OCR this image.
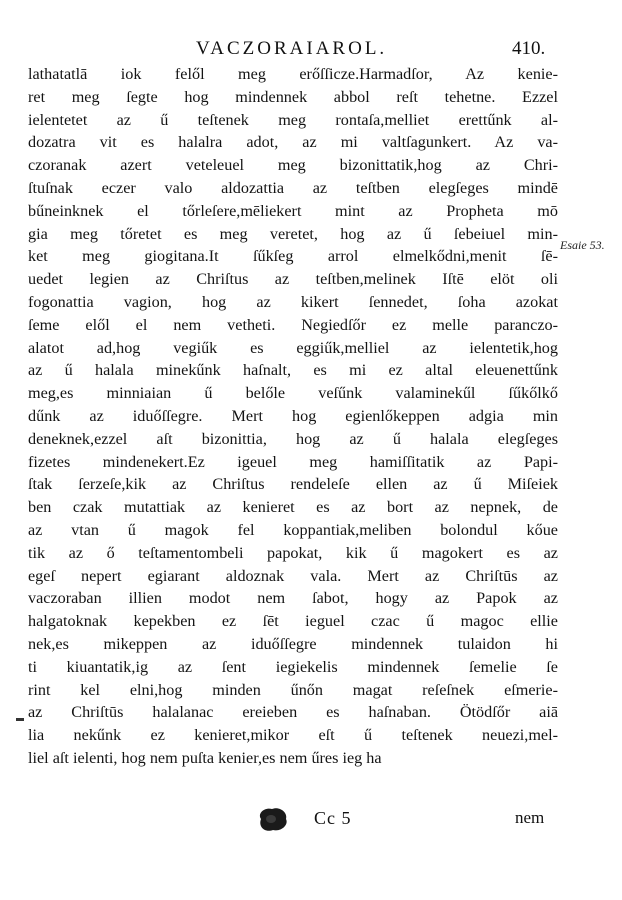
VACZORAIAROL.	410.
lathatatlā iok felől meg erőſſicze.Harmadſor, Az kenie-
ret meg ſegte hog mindennek abbol reſt tehetne. Ezzel
ielentetet az ű teſtenek meg rontaſa,melliet erettűnk al-
dozatra vit es halalra adot, az mi valtſagunkert. Az va-
czoranak azert veteleuel meg bizonittatik,hog az Chri-
ſtuſnak eczer valo aldozattia az teſtben elegſeges mindē
bűneinknek el tőrleſere,mēliekert mint az Propheta mō
gia meg tőretet es meg veretet, hog az ű ſebeiuel min-
ket meg giogitana.It ſűkſeg arrol elmelkődni,menit ſē-
uedet legien az Chriſtus az teſtben,melinek Iſtē elöt oli
fogonattia vagion, hog az kikert ſennedet, ſoha azokat
ſeme elől el nem vetheti. Negiedſőr ez melle paranczo-
alatot ad,hog vegiűk es eggiűk,melliel az ielentetik,hog
az ű halala minekűnk haſnalt, es mi ez altal eleuenettűnk
meg,es minniaian ű belőle veſűnk valaminekűl ſűkőlkő
dűnk az iduőſſegre. Mert hog egienlőkeppen adgia min
deneknek,ezzel aſt bizonittia, hog az ű halala elegſeges
fizetes mindenekert.Ez igeuel meg hamiſſitatik az Papi-
ſtak ſerzeſe,kik az Chriſtus rendeleſe ellen az ű Miſeiek
ben czak mutattiak az kenieret es az bort az nepnek, de
az vtan ű magok fel koppantiak,meliben bolondul kőue
tik az ő teſtamentombeli papokat, kik ű magokert es az
egeſ nepert egiarant aldoznak vala. Mert az Chriſtūs az
vaczoraban illien modot nem ſabot, hogy az Papok az
halgatoknak kepekben ez ſēt ieguel czac ű magoc ellie
nek,es mikeppen az iduőſſegre mindennek tulaidon hi
ti kiuantatik,ig az ſent iegiekelis mindennek ſemelie ſe
rint kel elni,hog minden űnőn magat reſeſnek eſmerie-
az Chriſtūs halalanac ereieben es haſnaban. Ötödſőr aiā
lia nekűnk ez kenieret,mikor eſt ű teſtenek neuezi,mel-
liel aſt ielenti, hog nem puſta kenier,es nem űres ieg ha
Esaie 53.
Cc 5	nem
